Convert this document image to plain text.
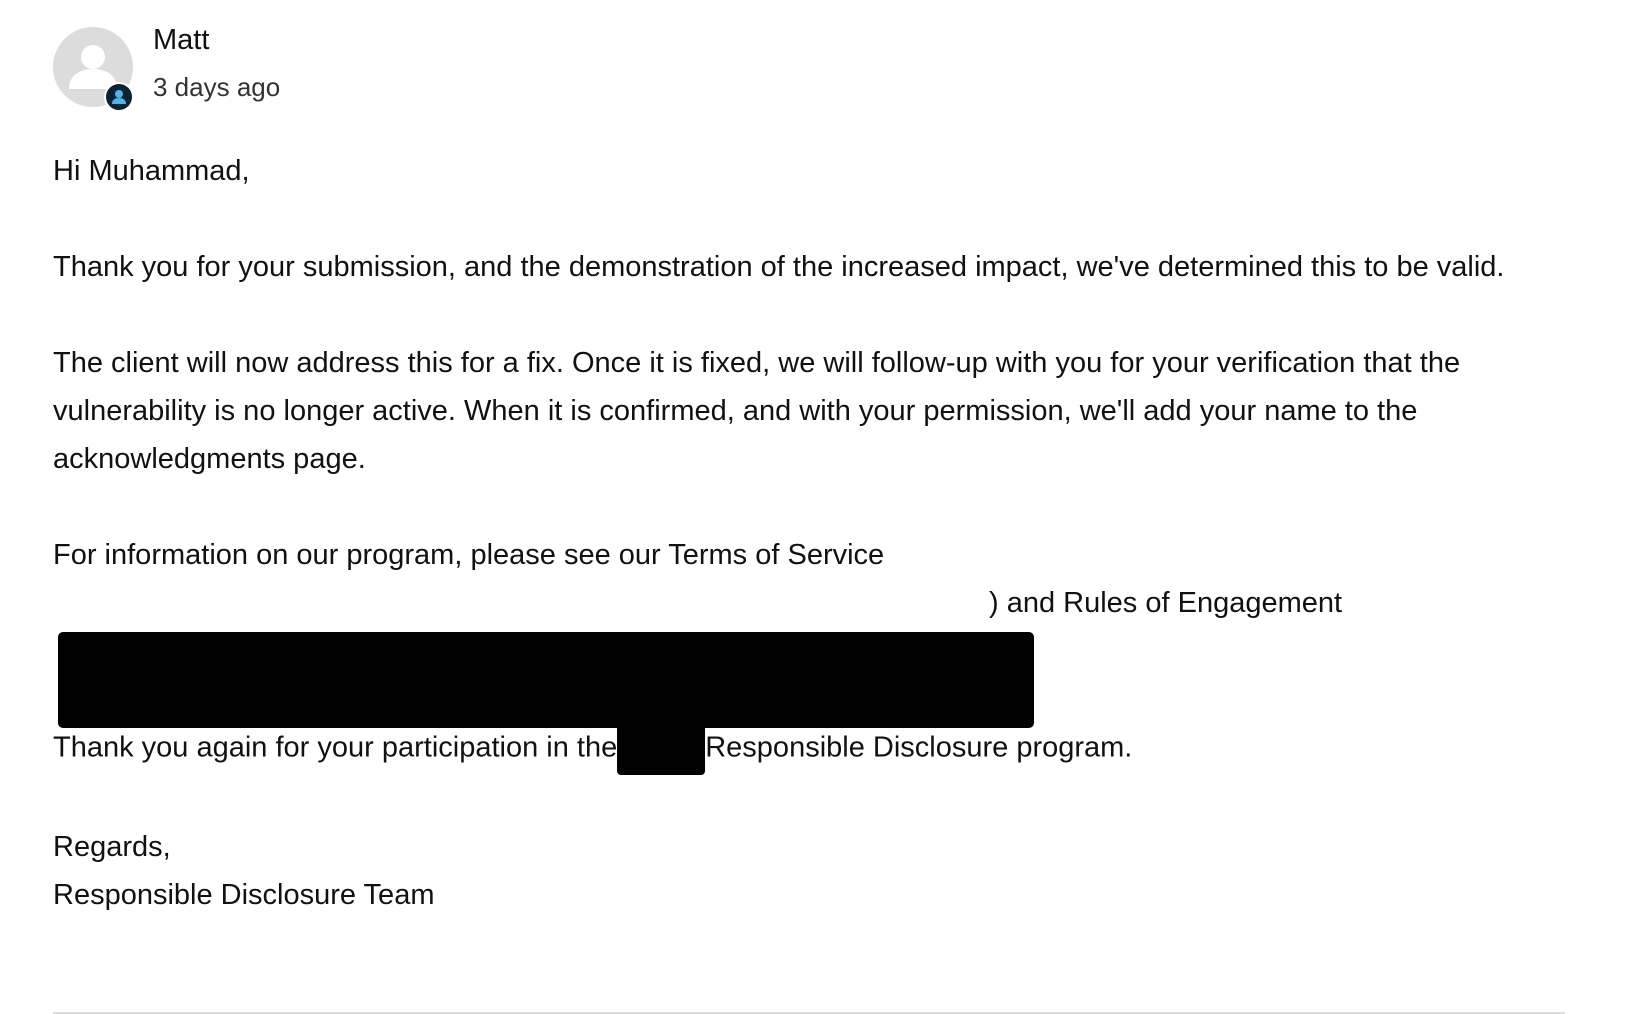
Matt
3 days ago

Hi Muhammad,

Thank you for your submission, and the demonstration of the increased impact, we've determined this to be valid.

The client will now address this for a fix. Once it is fixed, we will follow-up with you for your verification that the vulnerability is no longer active. When it is confirmed, and with your permission, we'll add your name to the acknowledgments page.

For information on our program, please see our Terms of Service
) and Rules of Engagement

Thank you again for your participation in the	Responsible Disclosure program.

Regards,

Responsible Disclosure Team
